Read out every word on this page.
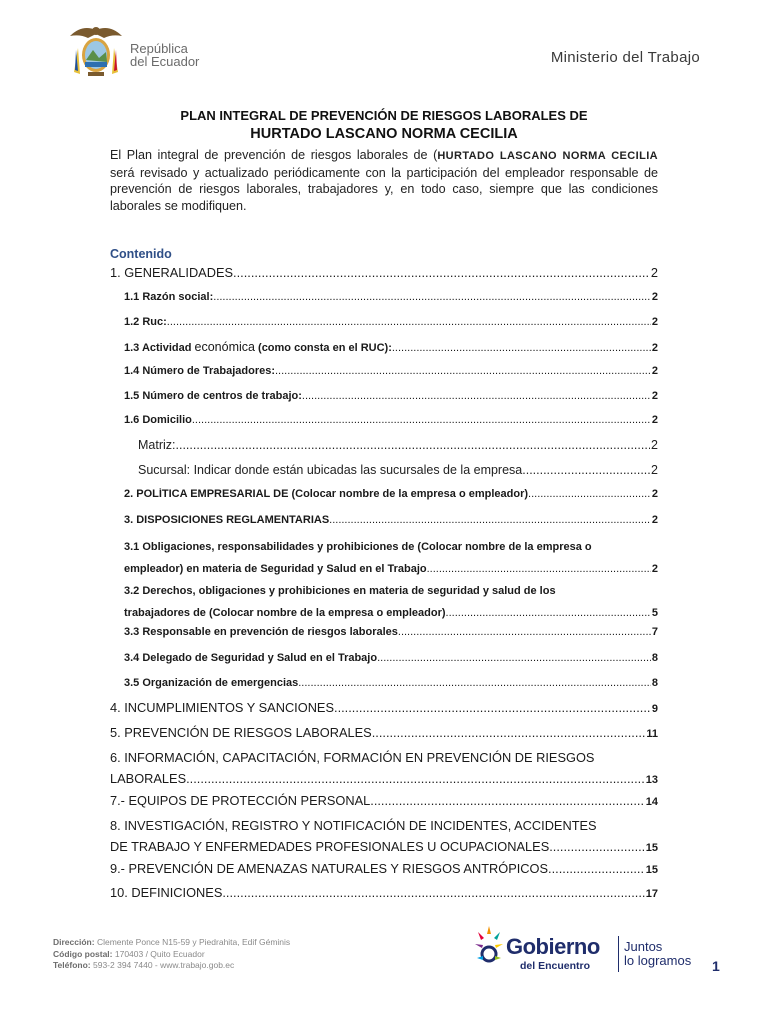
República
del Ecuador	Ministerio del Trabajo
PLAN INTEGRAL DE PREVENCIÓN DE RIESGOS LABORALES DE
HURTADO LASCANO NORMA CECILIA
El Plan integral de prevención de riesgos laborales de (HURTADO LASCANO NORMA CECILIA será revisado y actualizado periódicamente con la participación del empleador responsable de prevención de riesgos laborales, trabajadores y, en todo caso, siempre que las condiciones laborales se modifiquen.
Contenido
1. GENERALIDADES .....	2
1.1 Razón social: .....	2
1.2 Ruc: .....	2
1.3 Actividad económica (como consta en el RUC): .....	2
1.4 Número de Trabajadores: .....	2
1.5 Número de centros de trabajo: .....	2
1.6 Domicilio .....	2
Matriz: .....	2
Sucursal: Indicar donde están ubicadas las sucursales de la empresa .....	2
2. POLÍTICA EMPRESARIAL DE (Colocar nombre de la empresa o empleador) .....	2
3. DISPOSICIONES REGLAMENTARIAS .....	2
3.1 Obligaciones, responsabilidades y prohibiciones de (Colocar nombre de la empresa o
empleador) en materia de Seguridad y Salud en el Trabajo .....	2
3.2 Derechos, obligaciones y prohibiciones en materia de seguridad y salud de los
trabajadores de (Colocar nombre de la empresa o empleador) .....	5
3.3 Responsable en prevención de riesgos laborales .....	7
3.4 Delegado de Seguridad y Salud en el Trabajo .....	8
3.5 Organización de emergencias .....	8
4. INCUMPLIMIENTOS Y SANCIONES .....	9
5. PREVENCIÓN DE RIESGOS LABORALES .....	11
6. INFORMACIÓN, CAPACITACIÓN, FORMACIÓN EN PREVENCIÓN DE RIESGOS
LABORALES .....	13
7.- EQUIPOS DE PROTECCIÓN PERSONAL .....	14
8. INVESTIGACIÓN, REGISTRO Y NOTIFICACIÓN DE INCIDENTES, ACCIDENTES
DE TRABAJO Y ENFERMEDADES PROFESIONALES U OCUPACIONALES .....	15
9.- PREVENCIÓN DE AMENAZAS NATURALES Y RIESGOS ANTRÓPICOS .....	15
10. DEFINICIONES .....	17
Dirección: Clemente Ponce N15-59 y Piedrahita, Edif Géminis
Código postal: 170403 / Quito Ecuador
Teléfono: 593-2 394 7440 - www.trabajo.gob.ec
Gobierno
del Encuentro
Juntos
lo logramos 1
